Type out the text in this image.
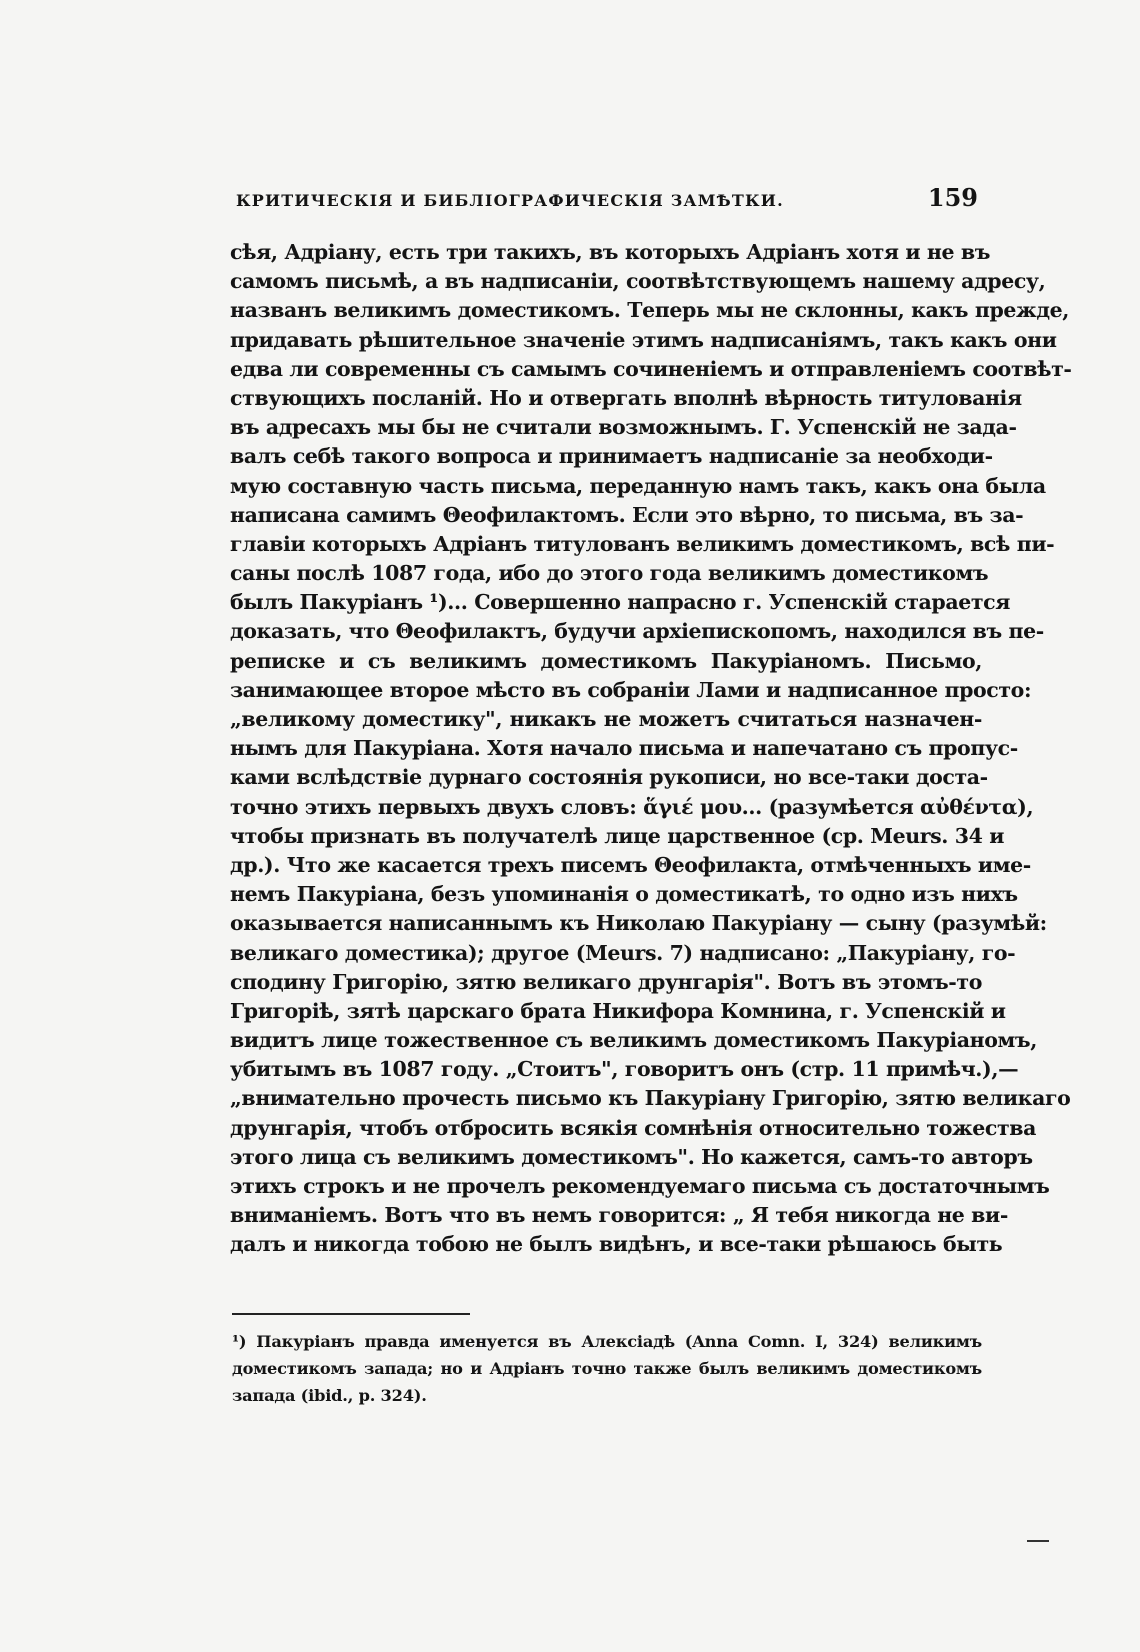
КРИТИЧЕСКІЯ И БИБЛІОГРАФИЧЕСКІЯ ЗАМѢТКИ.	159
сѣя, Адріану, есть три такихъ, въ которыхъ Адріанъ хотя и не въ
самомъ письмѣ, а въ надписаніи, соотвѣтствующемъ нашему адресу,
названъ великимъ доместикомъ. Теперь мы не склонны, какъ прежде,
придавать рѣшительное значеніе этимъ надписаніямъ, такъ какъ они
едва ли современны съ самымъ сочиненіемъ и отправленіемъ соотвѣт-
ствующихъ посланій. Но и отвергать вполнѣ вѣрность титулованія
въ адресахъ мы бы не считали возможнымъ. Г. Успенскій не зада-
валъ себѣ такого вопроса и принимаетъ надписаніе за необходи-
мую составную часть письма, переданную намъ такъ, какъ она была
написана самимъ Θеофилактомъ. Если это вѣрно, то письма, въ за-
главіи которыхъ Адріанъ титулованъ великимъ доместикомъ, всѣ пи-
саны послѣ 1087 года, ибо до этого года великимъ доместикомъ
былъ Пакуріанъ ¹)... Совершенно напрасно г. Успенскій старается
доказать, что Θеофилактъ, будучи архіепископомъ, находился въ пе-
реписке и съ великимъ доместикомъ Пакуріаномъ. Письмо,
занимающее второе мѣсто въ собраніи Лами и надписанное просто:
„великому доместику", никакъ не можетъ считаться назначен-
нымъ для Пакуріана. Хотя начало письма и напечатано съ пропус-
ками вслѣдствіе дурнаго состоянія рукописи, но все-таки доста-
точно этихъ первыхъ двухъ словъ: ἅγιέ μου... (разумѣется αὐθέντα),
чтобы признать въ получателѣ лице царственное (ср. Meurs. 34 и
др.). Что же касается трехъ писемъ Θеофилакта, отмѣченныхъ име-
немъ Пакуріана, безъ упоминанія о доместикатѣ, то одно изъ нихъ
оказывается написаннымъ къ Николаю Пакуріану — сыну (разумѣй:
великаго доместика); другое (Meurs. 7) надписано: „Пакуріану, го-
сподину Григорію, зятю великаго друнгарія". Вотъ въ этомъ-то
Григоріѣ, зятѣ царскаго брата Никифора Комнина, г. Успенскій и
видитъ лице тожественное съ великимъ доместикомъ Пакуріаномъ,
убитымъ въ 1087 году. „Стоитъ", говоритъ онъ (стр. 11 примѣч.),—
„внимательно прочесть письмо къ Пакуріану Григорію, зятю великаго
друнгарія, чтобъ отбросить всякія сомнѣнія относительно тожества
этого лица съ великимъ доместикомъ". Но кажется, самъ-то авторъ
этихъ строкъ и не прочелъ рекомендуемаго письма съ достаточнымъ
вниманіемъ. Вотъ что въ немъ говорится: „ Я тебя никогда не ви-
далъ и никогда тобою не былъ видѣнъ, и все-таки рѣшаюсь быть
¹) Пакуріанъ правда именуется въ Алексіадѣ (Anna Comn. I, 324) великимъ
доместикомъ запада; но и Адріанъ точно также былъ великимъ доместикомъ
запада (ibid., p. 324).
